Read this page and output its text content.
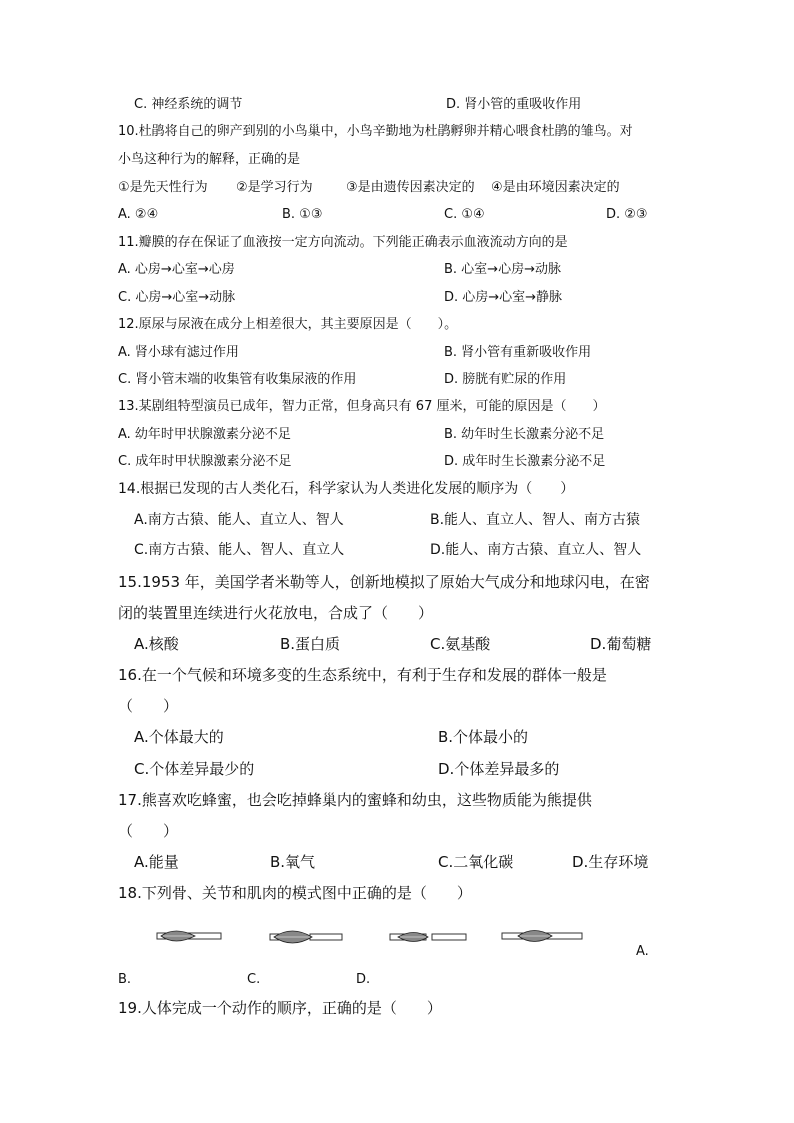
C. 神经系统的调节	D. 肾小管的重吸收作用
10.杜鹃将自己的卵产到别的小鸟巢中，小鸟辛勤地为杜鹃孵卵并精心喂食杜鹃的雏鸟。对
小鸟这种行为的解释，正确的是
①是先天性行为 ②是学习行为	③是由遗传因素决定的 ④是由环境因素决定的
A. ②④	B. ①③	C. ①④	D. ②③
11.瓣膜的存在保证了血液按一定方向流动。下列能正确表示血液流动方向的是
A. 心房→心室→心房	B. 心室→心房→动脉
C. 心房→心室→动脉	D. 心房→心室→静脉
12.原尿与尿液在成分上相差很大，其主要原因是（　　）。
A. 肾小球有滤过作用	B. 肾小管有重新吸收作用
C. 肾小管末端的收集管有收集尿液的作用	D. 膀胱有贮尿的作用
13.某剧组特型演员已成年，智力正常，但身高只有 67 厘米，可能的原因是（　　）
A. 幼年时甲状腺激素分泌不足	B. 幼年时生长激素分泌不足
C. 成年时甲状腺激素分泌不足	D. 成年时生长激素分泌不足
14.根据已发现的古人类化石，科学家认为人类进化发展的顺序为（　　）
A.南方古猿、能人、直立人、智人	B.能人、直立人、智人、南方古猿
C.南方古猿、能人、智人、直立人	D.能人、南方古猿、直立人、智人
15.1953 年，美国学者米勒等人，创新地模拟了原始大气成分和地球闪电，在密
闭的装置里连续进行火花放电，合成了（　　）
A.核酸	B.蛋白质	C.氨基酸	D.葡萄糖
16.在一个气候和环境多变的生态系统中，有利于生存和发展的群体一般是
（　　）
A.个体最大的	B.个体最小的
C.个体差异最少的	D.个体差异最多的
17.熊喜欢吃蜂蜜，也会吃掉蜂巢内的蜜蜂和幼虫，这些物质能为熊提供
（　　）
A.能量	B.氧气	C.二氧化碳	D.生存环境
18.下列骨、关节和肌肉的模式图中正确的是（　　）
A.
B.	C.	D.
19.人体完成一个动作的顺序，正确的是（　　）
